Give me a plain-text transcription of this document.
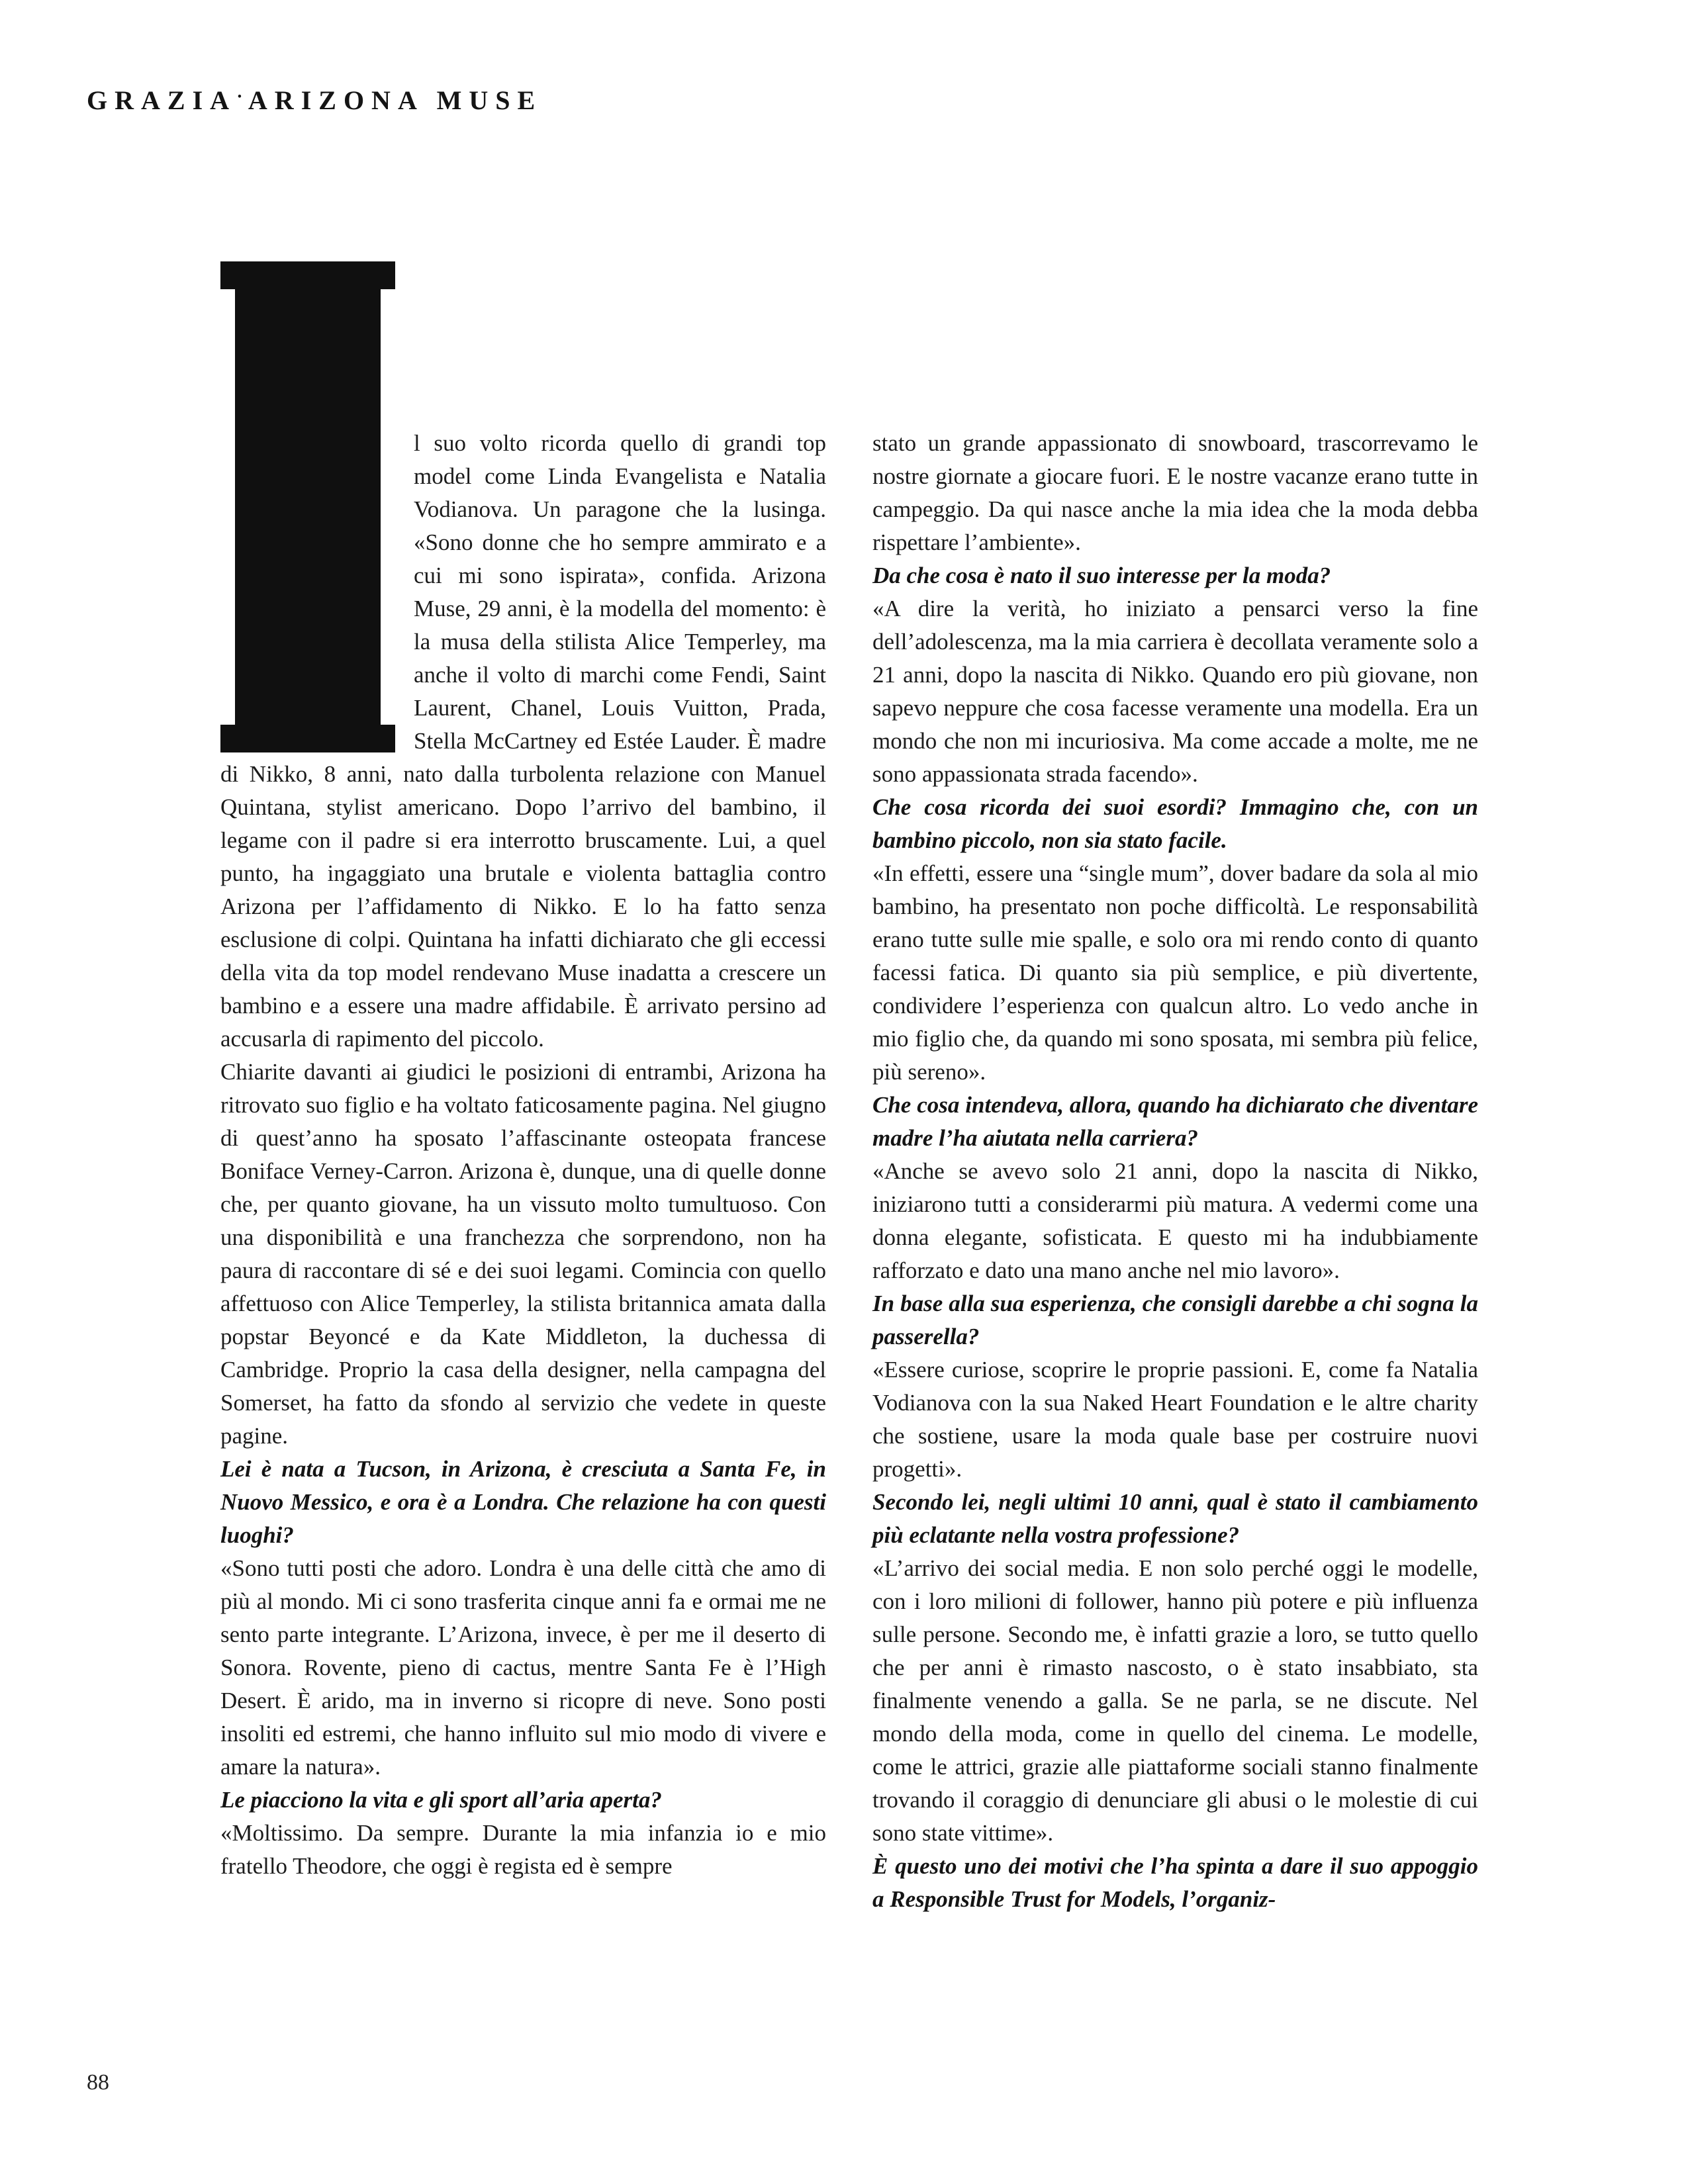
GRAZIA • ARIZONA MUSE

l suo volto ricorda quello di grandi top model come Linda Evangelista e Natalia Vodianova. Un paragone che la lusinga. «Sono donne che ho sempre ammirato e a cui mi sono ispirata», confida. Arizona Muse, 29 anni, è la modella del momento: è la musa della stilista Alice Temperley, ma anche il volto di marchi come Fendi, Saint Laurent, Chanel, Louis Vuitton, Prada, Stella McCartney ed Estée Lauder. È madre di Nikko, 8 anni, nato dalla turbolenta relazione con Manuel Quintana, stylist americano. Dopo l’arrivo del bambino, il legame con il padre si era interrotto bruscamente. Lui, a quel punto, ha ingaggiato una brutale e violenta battaglia contro Arizona per l’affidamento di Nikko. E lo ha fatto senza esclusione di colpi. Quintana ha infatti dichiarato che gli eccessi della vita da top model rendevano Muse inadatta a crescere un bambino e a essere una madre affidabile. È arrivato persino ad accusarla di rapimento del piccolo.

Chiarite davanti ai giudici le posizioni di entrambi, Arizona ha ritrovato suo figlio e ha voltato faticosamente pagina. Nel giugno di quest’anno ha sposato l’affascinante osteopata francese Boniface Verney-Carron. Arizona è, dunque, una di quelle donne che, per quanto giovane, ha un vissuto molto tumultuoso. Con una disponibilità e una franchezza che sorprendono, non ha paura di raccontare di sé e dei suoi legami. Comincia con quello affettuoso con Alice Temperley, la stilista britannica amata dalla popstar Beyoncé e da Kate Middleton, la duchessa di Cambridge. Proprio la casa della designer, nella campagna del Somerset, ha fatto da sfondo al servizio che vedete in queste pagine.

Lei è nata a Tucson, in Arizona, è cresciuta a Santa Fe, in Nuovo Messico, e ora è a Londra. Che relazione ha con questi luoghi?

«Sono tutti posti che adoro. Londra è una delle città che amo di più al mondo. Mi ci sono trasferita cinque anni fa e ormai me ne sento parte integrante. L’Arizona, invece, è per me il deserto di Sonora. Rovente, pieno di cactus, mentre Santa Fe è l’High Desert. È arido, ma in inverno si ricopre di neve. Sono posti insoliti ed estremi, che hanno influito sul mio modo di vivere e amare la natura».

Le piacciono la vita e gli sport all’aria aperta?

«Moltissimo. Da sempre. Durante la mia infanzia io e mio fratello Theodore, che oggi è regista ed è sempre

stato un grande appassionato di snowboard, trascorrevamo le nostre giornate a giocare fuori. E le nostre vacanze erano tutte in campeggio. Da qui nasce anche la mia idea che la moda debba rispettare l’ambiente».

Da che cosa è nato il suo interesse per la moda?

«A dire la verità, ho iniziato a pensarci verso la fine dell’adolescenza, ma la mia carriera è decollata veramente solo a 21 anni, dopo la nascita di Nikko. Quando ero più giovane, non sapevo neppure che cosa facesse veramente una modella. Era un mondo che non mi incuriosiva. Ma come accade a molte, me ne sono appassionata strada facendo».

Che cosa ricorda dei suoi esordi? Immagino che, con un bambino piccolo, non sia stato facile.

«In effetti, essere una “single mum”, dover badare da sola al mio bambino, ha presentato non poche difficoltà. Le responsabilità erano tutte sulle mie spalle, e solo ora mi rendo conto di quanto facessi fatica. Di quanto sia più semplice, e più divertente, condividere l’esperienza con qualcun altro. Lo vedo anche in mio figlio che, da quando mi sono sposata, mi sembra più felice, più sereno».

Che cosa intendeva, allora, quando ha dichiarato che diventare madre l’ha aiutata nella carriera?

«Anche se avevo solo 21 anni, dopo la nascita di Nikko, iniziarono tutti a considerarmi più matura. A vedermi come una donna elegante, sofisticata. E questo mi ha indubbiamente rafforzato e dato una mano anche nel mio lavoro».

In base alla sua esperienza, che consigli darebbe a chi sogna la passerella?

«Essere curiose, scoprire le proprie passioni. E, come fa Natalia Vodianova con la sua Naked Heart Foundation e le altre charity che sostiene, usare la moda quale base per costruire nuovi progetti».

Secondo lei, negli ultimi 10 anni, qual è stato il cambiamento più eclatante nella vostra professione?

«L’arrivo dei social media. E non solo perché oggi le modelle, con i loro milioni di follower, hanno più potere e più influenza sulle persone. Secondo me, è infatti grazie a loro, se tutto quello che per anni è rimasto nascosto, o è stato insabbiato, sta finalmente venendo a galla. Se ne parla, se ne discute. Nel mondo della moda, come in quello del cinema. Le modelle, come le attrici, grazie alle piattaforme sociali stanno finalmente trovando il coraggio di denunciare gli abusi o le molestie di cui sono state vittime».

È questo uno dei motivi che l’ha spinta a dare il suo appoggio a Responsible Trust for Models, l’organiz-

88
